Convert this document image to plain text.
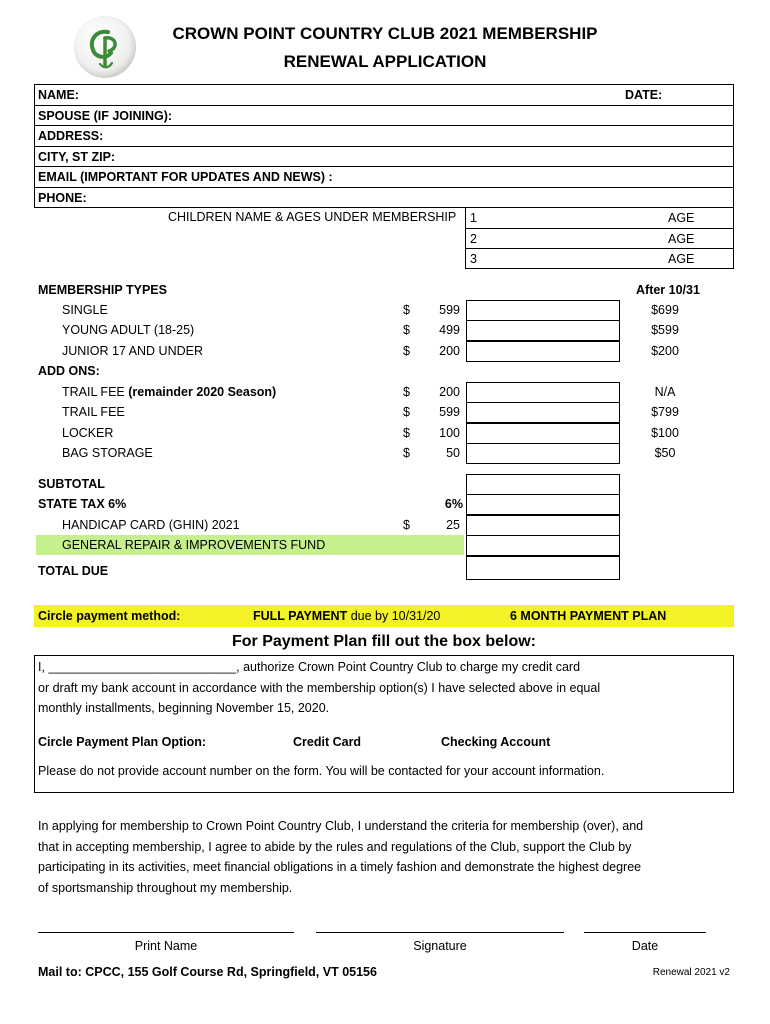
CROWN POINT COUNTRY CLUB 2021 MEMBERSHIP
RENEWAL APPLICATION
NAME:	DATE:
SPOUSE (IF JOINING):
ADDRESS:
CITY, ST ZIP:
EMAIL (IMPORTANT FOR UPDATES AND NEWS) :
PHONE:
CHILDREN NAME & AGES UNDER MEMBERSHIP 1	AGE
2	AGE
3	AGE
MEMBERSHIP TYPES	After 10/31
SINGLE	$	599	$699
YOUNG ADULT (18-25)	$	499	$599
JUNIOR 17 AND UNDER	$	200	$200
ADD ONS:
TRAIL FEE (remainder 2020 Season)	$	200	N/A
TRAIL FEE	$	599	$799
LOCKER	$	100	$100
BAG STORAGE	$	50	$50
SUBTOTAL
STATE TAX 6%	6%
HANDICAP CARD (GHIN) 2021	$	25
GENERAL REPAIR & IMPROVEMENTS FUND
TOTAL DUE
Circle payment method:	FULL PAYMENT due by 10/31/20	6 MONTH PAYMENT PLAN
For Payment Plan fill out the box below:
I, ___________________________, authorize Crown Point Country Club to charge my credit card
or draft my bank account in accordance with the membership option(s) I have selected above in equal
monthly installments, beginning November 15, 2020.
Circle Payment Plan Option:	Credit Card	Checking Account
Please do not provide account number on the form. You will be contacted for your account information.
In applying for membership to Crown Point Country Club, I understand the criteria for membership (over), and
that in accepting membership, I agree to abide by the rules and regulations of the Club, support the Club by
participating in its activities, meet financial obligations in a timely fashion and demonstrate the highest degree
of sportsmanship throughout my membership.
Print Name	Signature	Date
Mail to: CPCC, 155 Golf Course Rd, Springfield, VT 05156	Renewal 2021 v2
